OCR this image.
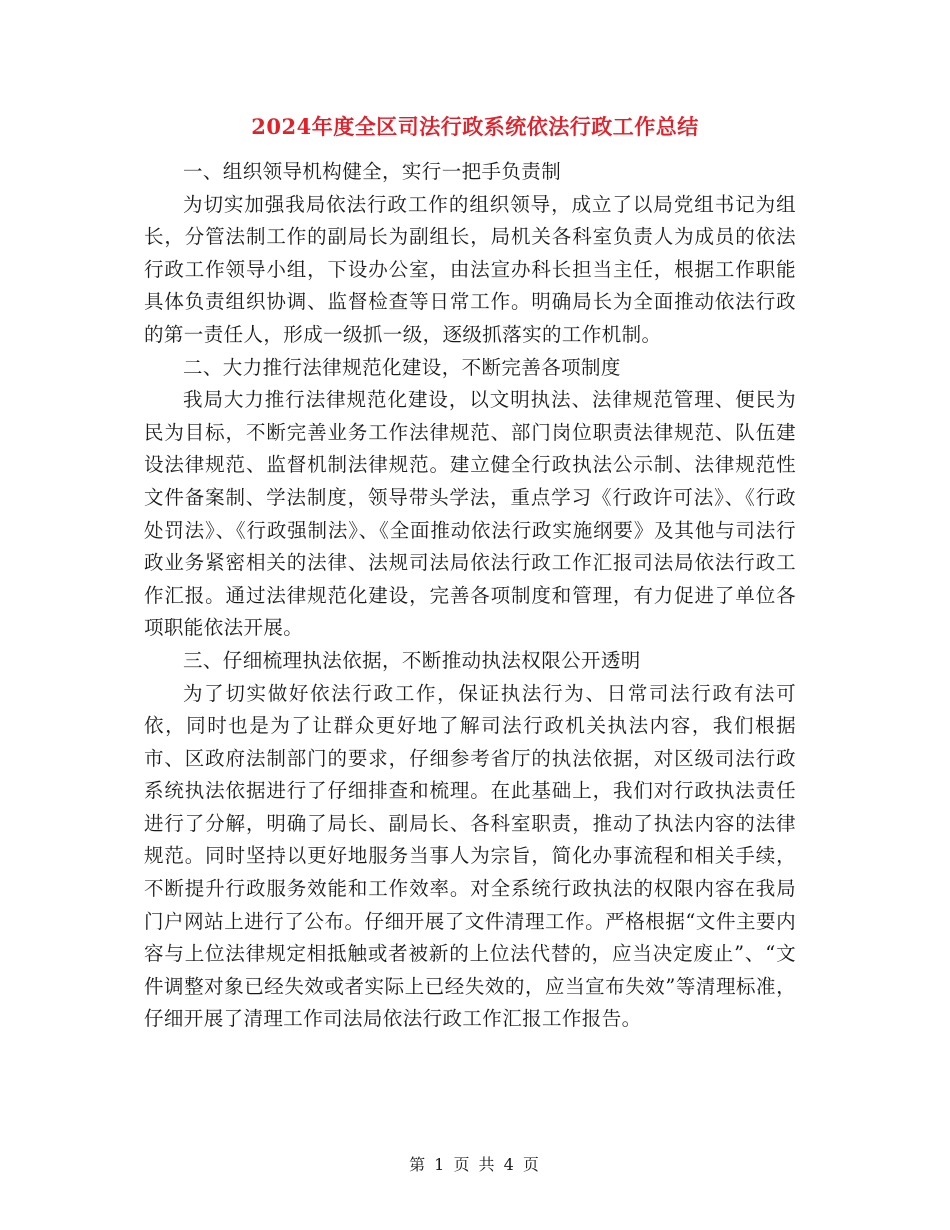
2024年度全区司法行政系统依法行政工作总结

一、组织领导机构健全，实行一把手负责制

为切实加强我局依法行政工作的组织领导，成立了以局党组书记为组长，分管法制工作的副局长为副组长，局机关各科室负责人为成员的依法行政工作领导小组，下设办公室，由法宣办科长担当主任，根据工作职能具体负责组织协调、监督检查等日常工作。明确局长为全面推动依法行政的第一责任人，形成一级抓一级，逐级抓落实的工作机制。

二、大力推行法律规范化建设，不断完善各项制度

我局大力推行法律规范化建设，以文明执法、法律规范管理、便民为民为目标，不断完善业务工作法律规范、部门岗位职责法律规范、队伍建设法律规范、监督机制法律规范。建立健全行政执法公示制、法律规范性文件备案制、学法制度，领导带头学法，重点学习《行政许可法》、《行政处罚法》、《行政强制法》、《全面推动依法行政实施纲要》及其他与司法行政业务紧密相关的法律、法规司法局依法行政工作汇报司法局依法行政工作汇报。通过法律规范化建设，完善各项制度和管理，有力促进了单位各项职能依法开展。

三、仔细梳理执法依据，不断推动执法权限公开透明

为了切实做好依法行政工作，保证执法行为、日常司法行政有法可依，同时也是为了让群众更好地了解司法行政机关执法内容，我们根据市、区政府法制部门的要求，仔细参考省厅的执法依据，对区级司法行政系统执法依据进行了仔细排查和梳理。在此基础上，我们对行政执法责任进行了分解，明确了局长、副局长、各科室职责，推动了执法内容的法律规范。同时坚持以更好地服务当事人为宗旨，简化办事流程和相关手续，不断提升行政服务效能和工作效率。对全系统行政执法的权限内容在我局门户网站上进行了公布。仔细开展了文件清理工作。严格根据“文件主要内容与上位法律规定相抵触或者被新的上位法代替的，应当决定废止”、“文件调整对象已经失效或者实际上已经失效的，应当宣布失效”等清理标准，仔细开展了清理工作司法局依法行政工作汇报工作报告。

第 1 页 共 4 页
